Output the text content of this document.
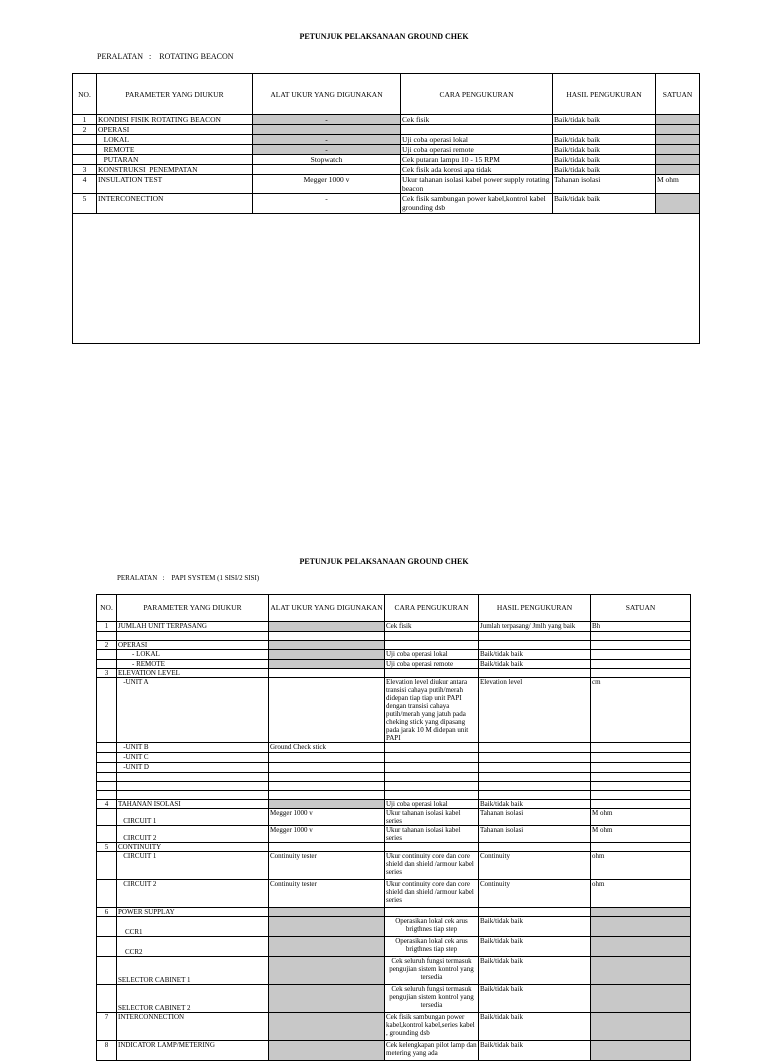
PETUNJUK PELAKSANAAN GROUND CHEK
PERALATAN   :    ROTATING BEACON
NO.	PARAMETER YANG DIUKUR	ALAT UKUR YANG DIGUNAKAN	CARA PENGUKURAN	HASIL PENGUKURAN	SATUAN
1	KONDISI FISIK ROTATING BEACON	-	Cek fisik	Baik/tidak baik	
2	OPERASI				
	LOKAL	-	Uji coba operasi lokal	Baik/tidak baik	
	REMOTE	-	Uji coba operasi remote	Baik/tidak baik	
	PUTARAN	Stopwatch	Cek putaran lampu 10 - 15 RPM	Baik/tidak baik	
3	KONSTRUKSI  PENEMPATAN		Cek fisik ada korosi apa tidak	Baik/tidak baik	
4	INSULATION TEST	Megger 1000 v	Ukur tahanan isolasi kabel power supply rotating beacon	Tahanan isolasi	M ohm
5	INTERCONECTION	-	Cek fisik sambungan power kabel,kontrol kabel grounding dsb	Baik/tidak baik	

PETUNJUK PELAKSANAAN GROUND CHEK
PERALATAN   :    PAPI SYSTEM (1 SISI/2 SISI)
NO.	PARAMETER YANG DIUKUR	ALAT UKUR YANG DIGUNAKAN	CARA PENGUKURAN	HASIL PENGUKURAN	SATUAN
1	JUMLAH UNIT TERPASANG		Cek fisik	Jumlah terpasang/ Jmlh yang baik	Bh

2	OPERASI				
	- LOKAL		Uji coba operasi lokal	Baik/tidak baik	
	- REMOTE		Uji coba operasi remote	Baik/tidak baik	
3	ELEVATION LEVEL				
	-UNIT A		Elevation level diukur antara transisi cahaya putih/merah didepan tiap tiap unit PAPI dengan transisi cahaya putih/merah yang jatuh pada cheking stick yang dipasang pada jarak 10 M didepan unit PAPI	Elevation level	cm
	-UNIT B	Ground Check stick			
	-UNIT C				
	-UNIT D				

4	TAHANAN ISOLASI		Uji coba operasi lokal	Baik/tidak baik	
	CIRCUIT 1	Megger 1000 v	Ukur tahanan isolasi kabel series	Tahanan isolasi	M ohm
	CIRCUIT 2	Megger 1000 v	Ukur tahanan isolasi kabel series	Tahanan isolasi	M ohm
5	CONTINUITY				
	CIRCUIT 1	Continuity tester	Ukur continuity core dan core shield dan shield /armour kabel series	Continuity	ohm
	CIRCUIT 2	Continuity tester	Ukur continuity core dan core shield dan shield /armour kabel series	Continuity	ohm
6	POWER SUPPLAY				
	CCR1		Operasikan lokal cek arus brigthnes tiap step	Baik/tidak baik	
	CCR2		Operasikan lokal cek arus brigthnes tiap step	Baik/tidak baik	
	SELECTOR CABINET 1		Cek seluruh fungsi termasuk pengujian sistem kontrol yang tersedia	Baik/tidak baik	
	SELECTOR CABINET 2		Cek seluruh fungsi termasuk pengujian sistem kontrol yang tersedia	Baik/tidak baik	
7	INTERCONNECTION		Cek fisik sambungan power kabel,kontrol kabel,series kabel , grounding dsb	Baik/tidak baik	
8	INDICATOR LAMP/METERING		Cek kelengkapan pilot lamp dan metering yang ada	Baik/tidak baik	
